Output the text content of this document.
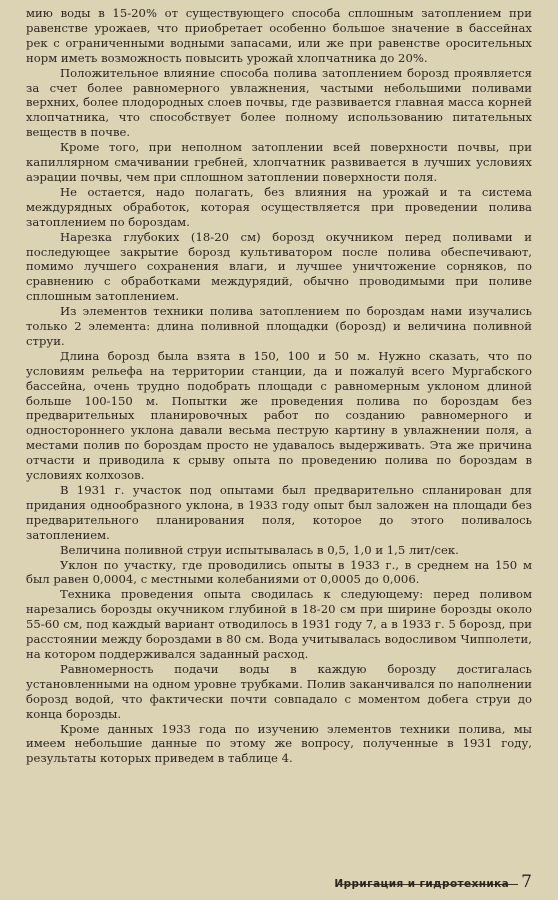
мию воды в 15-20% от существующего способа сплошным затоплением при равенстве урожаев, что приобретает особенно большое значение в бассейнах рек с ограниченными водными запасами, или же при равенстве оросительных норм иметь возможность повысить урожай хлопчатника до 20%.

Положительное влияние способа полива затоплением борозд проявляется за счет более равномерного увлажнения, частыми небольшими поливами верхних, более плодородных слоев почвы, где развивается главная масса корней хлопчатника, что способствует более полному использованию питательных веществ в почве.

Кроме того, при неполном затоплении всей поверхности почвы, при капиллярном смачивании гребней, хлопчатник развивается в лучших условиях аэрации почвы, чем при сплошном затоплении поверхности поля.

Не остается, надо полагать, без влияния на урожай и та система междурядных обработок, которая осуществляется при проведении полива затоплением по бороздам.

Нарезка глубоких (18-20 см) борозд окучником перед поливами и последующее закрытие борозд культиватором после полива обеспечивают, помимо лучшего сохранения влаги, и лучшее уничтожение сорняков, по сравнению с обработками междурядий, обычно проводимыми при поливе сплошным затоплением.

Из элементов техники полива затоплением по бороздам нами изучались только 2 элемента: длина поливной площадки (борозд) и величина поливной струи.

Длина борозд была взята в 150, 100 и 50 м. Нужно сказать, что по условиям рельефа на территории станции, да и пожалуй всего Мургабского бассейна, очень трудно подобрать площади с равномерным уклоном длиной больше 100-150 м. Попытки же проведения полива по бороздам без предварительных планировочных работ по созданию равномерного и одностороннего уклона давали весьма пеструю картину в увлажнении поля, а местами полив по бороздам просто не удавалось выдерживать. Эта же причина отчасти и приводила к срыву опыта по проведению полива по бороздам в условиях колхозов.

В 1931 г. участок под опытами был предварительно спланирован для придания однообразного уклона, в 1933 году опыт был заложен на площади без предварительного планирования поля, которое до этого поливалось затоплением.

Величина поливной струи испытывалась в 0,5, 1,0 и 1,5 лит/сек.

Уклон по участку, где проводились опыты в 1933 г., в среднем на 150 м был равен 0,0004, с местными колебаниями от 0,0005 до 0,006.

Техника проведения опыта сводилась к следующему: перед поливом нарезались борозды окучником глубиной в 18-20 см при ширине борозды около 55-60 см, под каждый вариант отводилось в 1931 году 7, а в 1933 г. 5 борозд, при расстоянии между бороздами в 80 см. Вода учитывалась водосливом Чипполети, на котором поддерживался заданный расход.

Равномерность подачи воды в каждую борозду достигалась установленными на одном уровне трубками. Полив заканчивался по наполнении борозд водой, что фактически почти совпадало с моментом добега струи до конца борозды.

Кроме данных 1933 года по изучению элементов техники полива, мы имеем небольшие данные по этому же вопросу, полученные в 1931 году, результаты которых приведем в таблице 4.

Ирригация и гидротехника 7
